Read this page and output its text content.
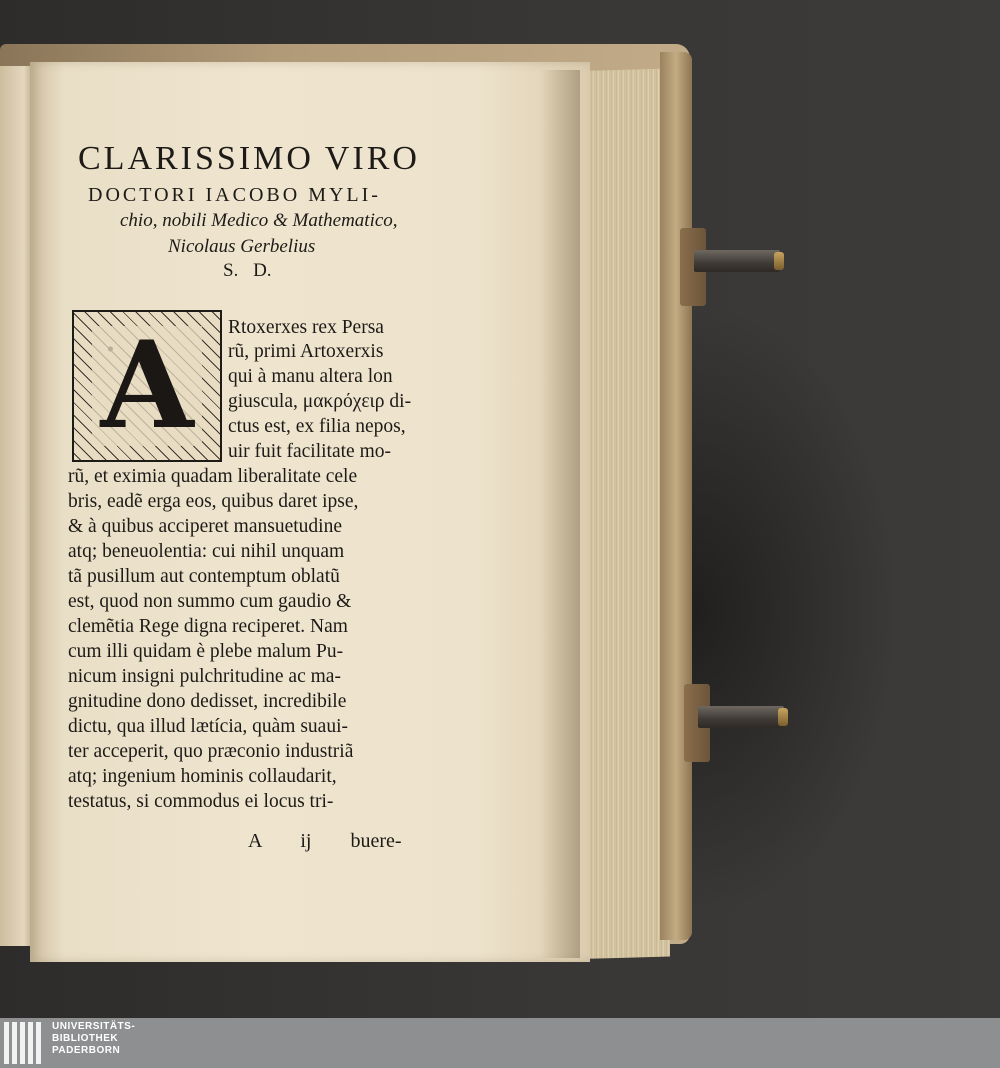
CLARISSIMO VIRO
DOCTORI IACOBO MYLI-
chio, nobili Medico & Mathematico,
Nicolaus Gerbelius
S. D.
A	Rtoxerxes rex Persa
rũ, primi Artoxerxis
qui à manu altera lon
giuscula, μακρόχειρ di-
ctus est, ex filia nepos,
uir fuit facilitate mo-
rũ, et eximia quadam liberalitate cele
bris, eadẽ erga eos, quibus daret ipse,
& à quibus acciperet mansuetudine
atq; beneuolentia: cui nihil unquam
tã pusillum aut contemptum oblatũ
est, quod non summo cum gaudio &
clemẽtia Rege digna reciperet. Nam
cum illi quidam è plebe malum Pu-
nicum insigni pulchritudine ac ma-
gnitudine dono dedisset, incredibile
dictu, qua illud lætícia, quàm suaui-
ter acceperit, quo præconio industriã
atq; ingenium hominis collaudarit,
testatus, si commodus ei locus tri-
A ij buere-
UNIVERSITÄTS-
BIBLIOTHEK
PADERBORN
